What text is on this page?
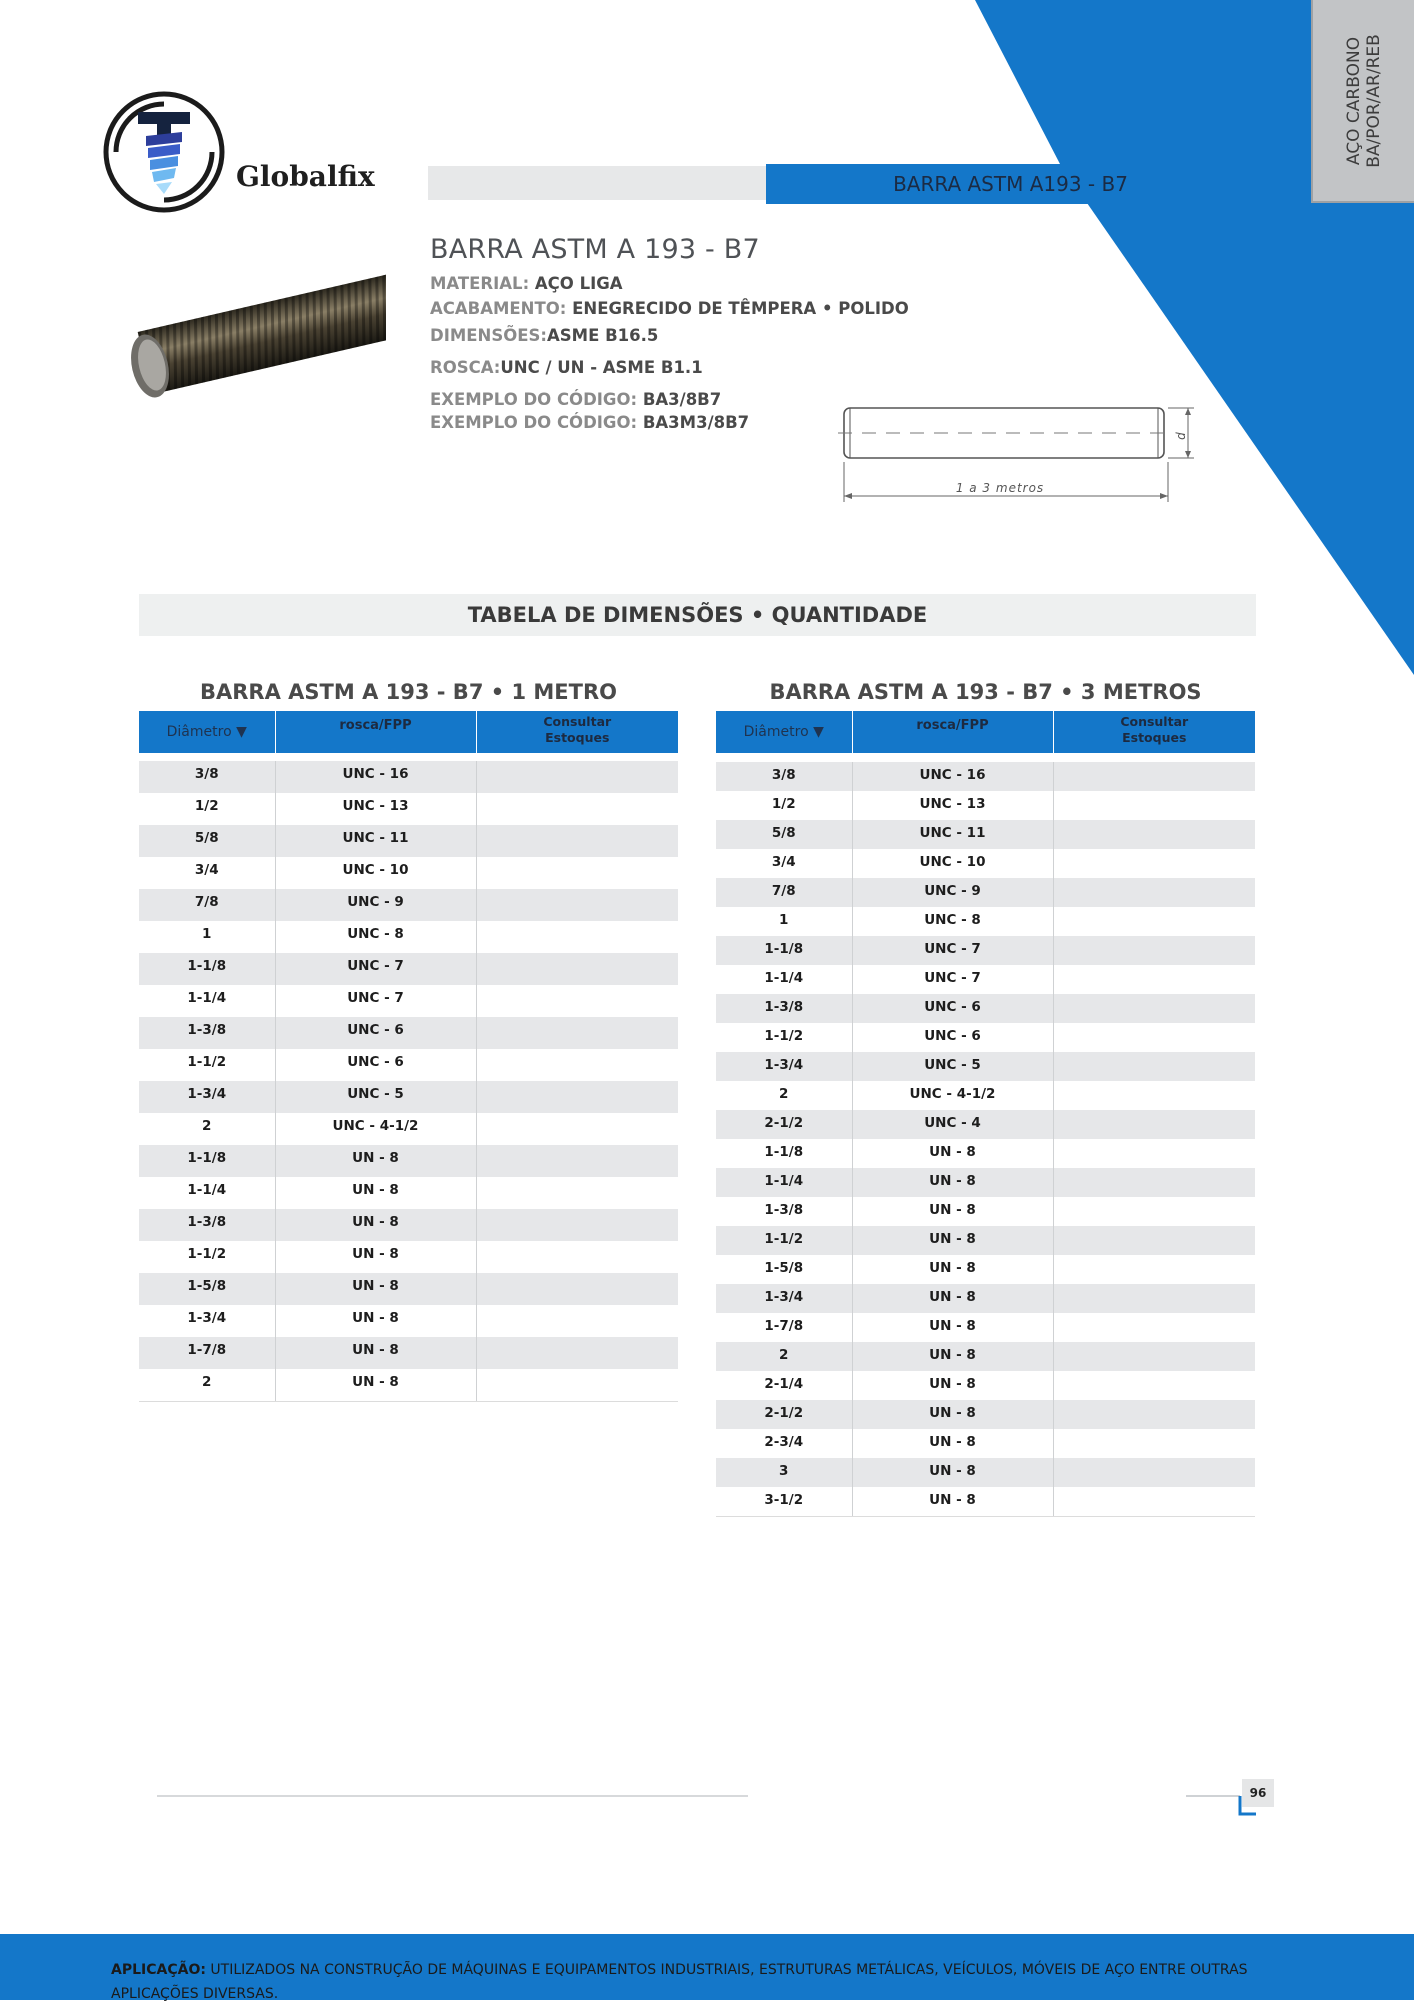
AÇO CARBONO BA/POR/AR/REB
Globalfix	BARRA ASTM A193 - B7
BARRA ASTM A 193 - B7
MATERIAL: AÇO LIGA
ACABAMENTO: ENEGRECIDO DE TÊMPERA • POLIDO
DIMENSÕES:ASME B16.5
ROSCA:UNC / UN - ASME B1.1
EXEMPLO DO CÓDIGO: BA3/8B7
EXEMPLO DO CÓDIGO: BA3M3/8B7
d
1 a 3 metros
TABELA DE DIMENSÕES • QUANTIDADE
BARRA ASTM A 193 - B7 • 1 METRO
Diâmetro ▼	rosca/FPP	Consultar
Estoques

3/8	UNC - 16	
1/2	UNC - 13	
5/8	UNC - 11	
3/4	UNC - 10	
7/8	UNC - 9	
1	UNC - 8	
1-1/8	UNC - 7	
1-1/4	UNC - 7	
1-3/8	UNC - 6	
1-1/2	UNC - 6	
1-3/4	UNC - 5	
2	UNC - 4-1/2	
1-1/8	UN - 8	
1-1/4	UN - 8	
1-3/8	UN - 8	
1-1/2	UN - 8	
1-5/8	UN - 8	
1-3/4	UN - 8	
1-7/8	UN - 8	
2	UN - 8	
BARRA ASTM A 193 - B7 • 3 METROS
Diâmetro ▼	rosca/FPP	Consultar
Estoques

3/8	UNC - 16	
1/2	UNC - 13	
5/8	UNC - 11	
3/4	UNC - 10	
7/8	UNC - 9	
1	UNC - 8	
1-1/8	UNC - 7	
1-1/4	UNC - 7	
1-3/8	UNC - 6	
1-1/2	UNC - 6	
1-3/4	UNC - 5	
2	UNC - 4-1/2	
2-1/2	UNC - 4	
1-1/8	UN - 8	
1-1/4	UN - 8	
1-3/8	UN - 8	
1-1/2	UN - 8	
1-5/8	UN - 8	
1-3/4	UN - 8	
1-7/8	UN - 8	
2	UN - 8	
2-1/4	UN - 8	
2-1/2	UN - 8	
2-3/4	UN - 8	
3	UN - 8	
3-1/2	UN - 8	
96
APLICAÇÃO: UTILIZADOS NA CONSTRUÇÃO DE MÁQUINAS E EQUIPAMENTOS INDUSTRIAIS, ESTRUTURAS METÁLICAS, VEÍCULOS, MÓVEIS DE AÇO ENTRE OUTRAS APLICAÇÕES DIVERSAS.
